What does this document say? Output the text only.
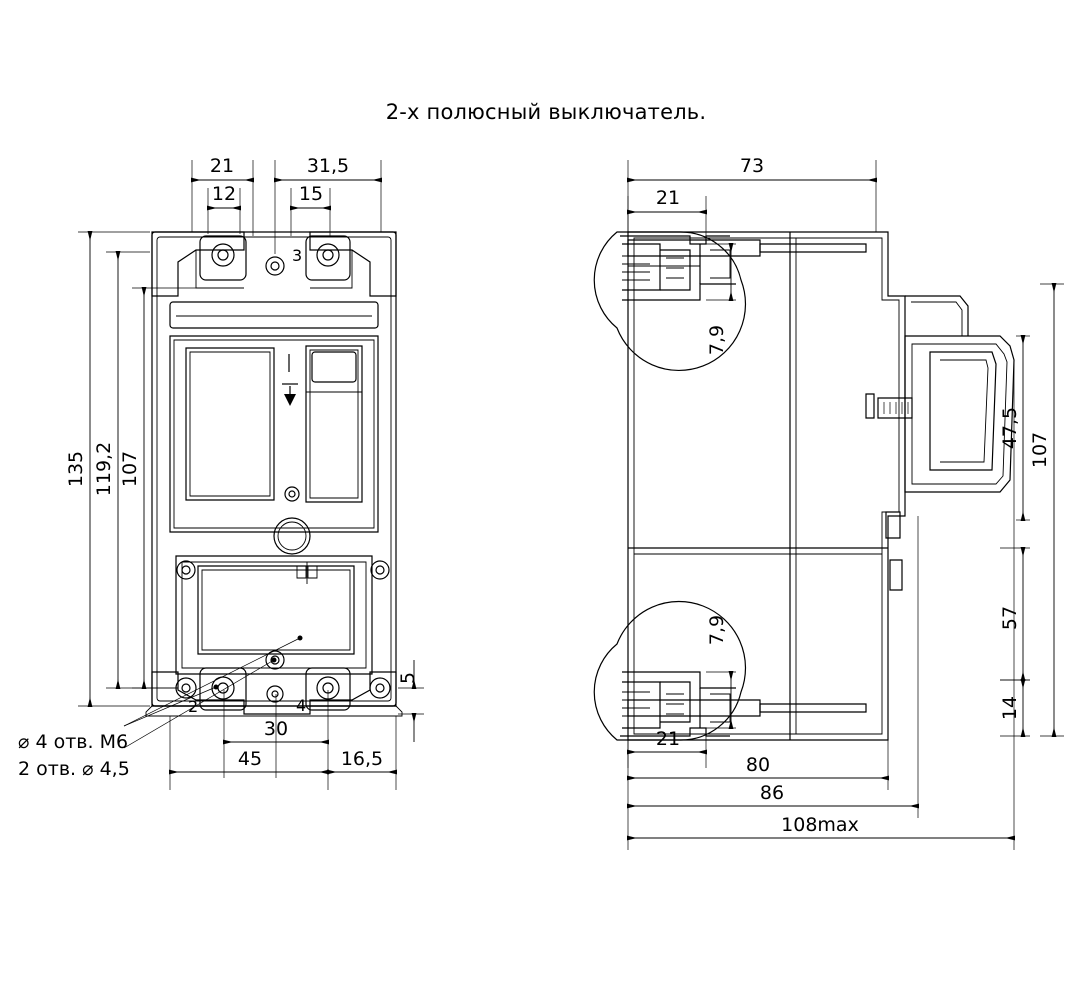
2-х полюсный выключатель.
21
12
31,5
15
135 119,2 107
5
30
45	16,5
2
3
4
⌀ 4 отв. М6
2 отв. ⌀ 4,5
73
21
7,9
7,9
21
47,5
107
57
14
80
86
108max
